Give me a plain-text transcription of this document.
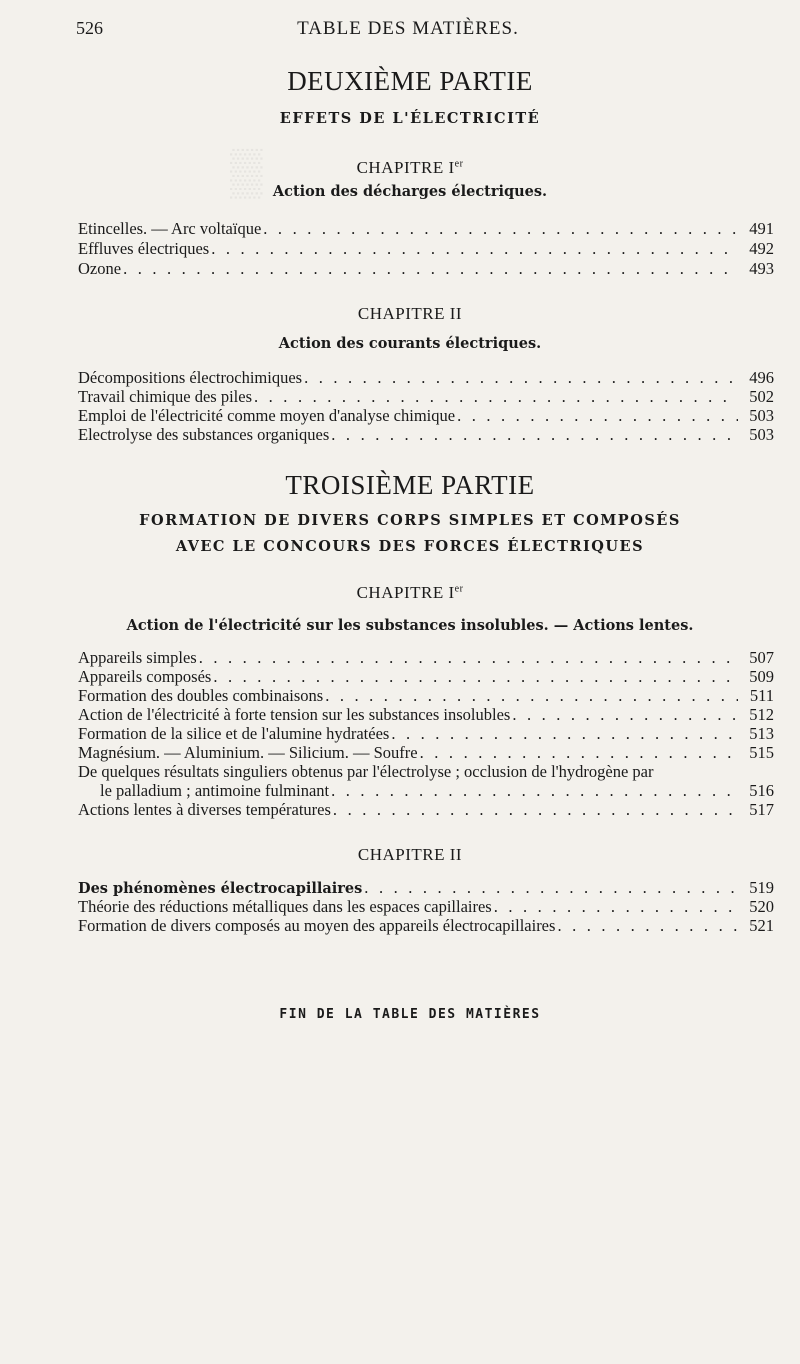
▒
526	TABLE DES MATIÈRES.
DEUXIÈME PARTIE
EFFETS DE L'ÉLECTRICITÉ
CHAPITRE Ier
Action des décharges électriques.
Etincelles. — Arc voltaïque . . .	491
Effluves électriques . . .	492
Ozone . . .	493
CHAPITRE II
Action des courants électriques.
Décompositions électrochimiques . . .	496
Travail chimique des piles . . .	502
Emploi de l'électricité comme moyen d'analyse chimique . . .	503
Electrolyse des substances organiques . . .	503
TROISIÈME PARTIE
FORMATION DE DIVERS CORPS SIMPLES ET COMPOSÉS
AVEC LE CONCOURS DES FORCES ÉLECTRIQUES
CHAPITRE Ier
Action de l'électricité sur les substances insolubles. — Actions lentes.
Appareils simples . . .	507
Appareils composés . . .	509
Formation des doubles combinaisons . . .	511
Action de l'électricité à forte tension sur les substances insolubles . . .	512
Formation de la silice et de l'alumine hydratées . . .	513
Magnésium. — Aluminium. — Silicium. — Soufre . . .	515
De quelques résultats singuliers obtenus par l'électrolyse ; occlusion de l'hydrogène par
le palladium ; antimoine fulminant . . .	516
Actions lentes à diverses températures . . .	517
CHAPITRE II
Des phénomènes électrocapillaires . . .	519
Théorie des réductions métalliques dans les espaces capillaires . . .	520
Formation de divers composés au moyen des appareils électrocapillaires . . .	521
FIN DE LA TABLE DES MATIÈRES
